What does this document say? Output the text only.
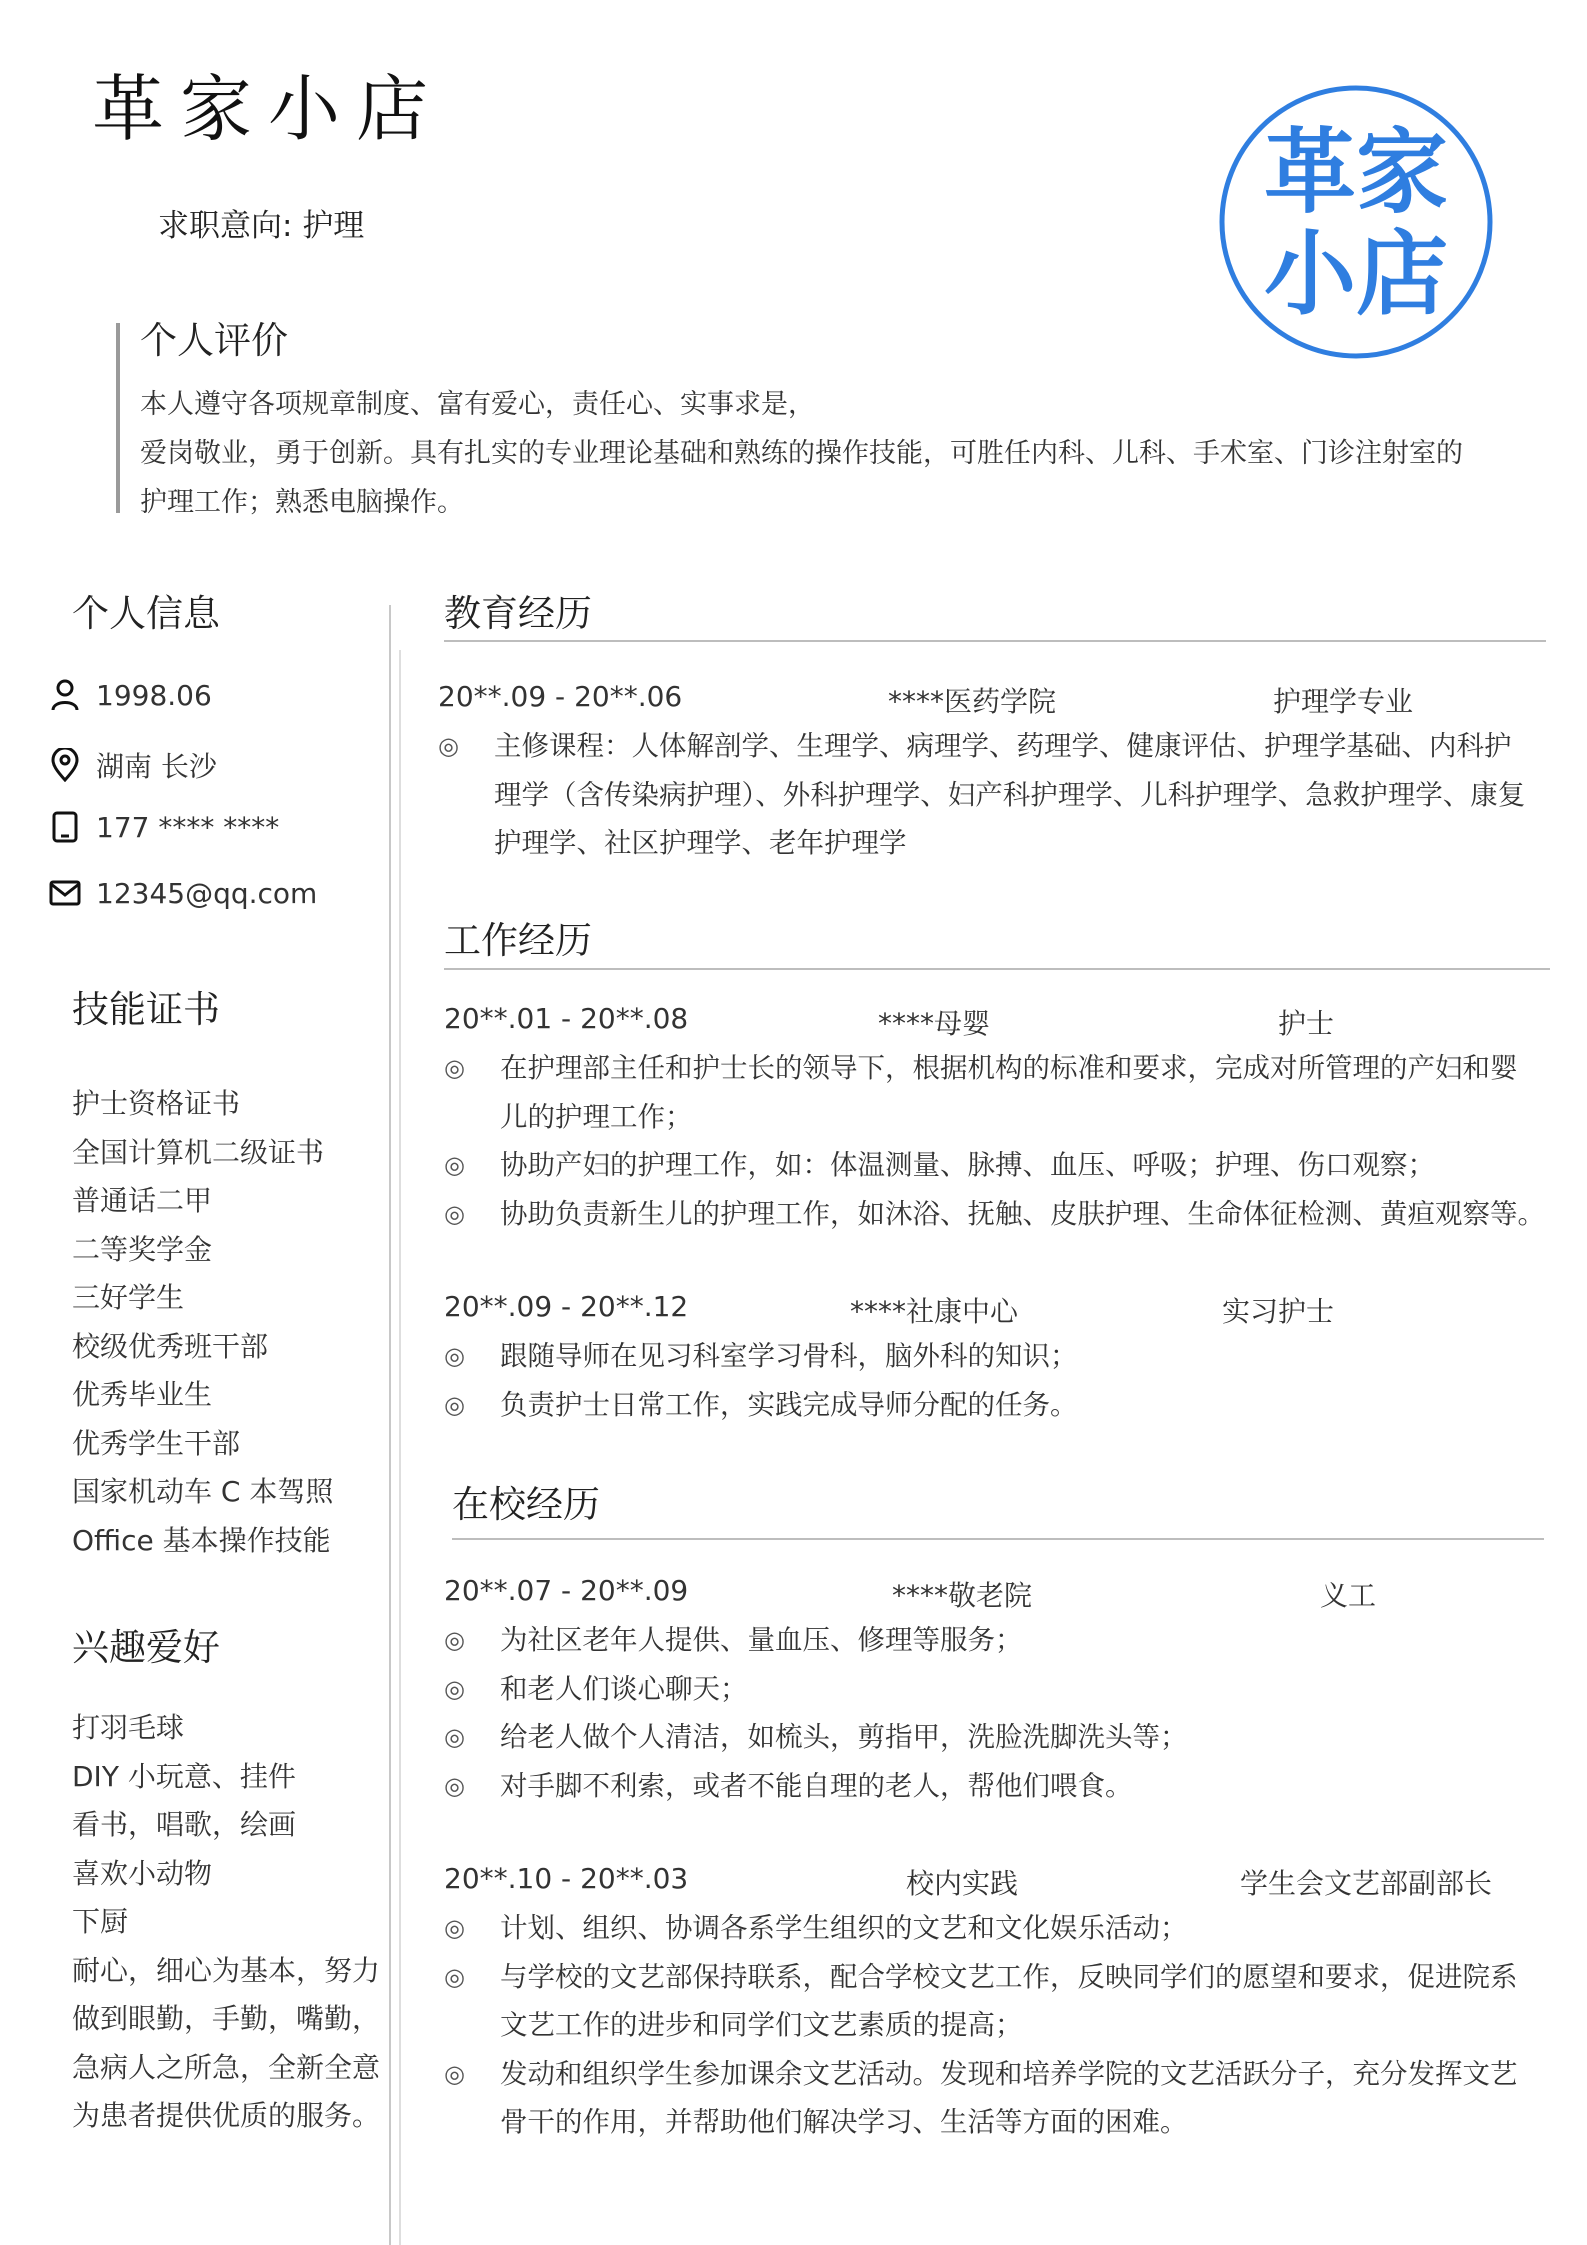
革家小店
求职意向: 护理	革家
小店
个人评价
本人遵守各项规章制度、富有爱心，责任心、实事求是，
爱岗敬业，勇于创新。具有扎实的专业理论基础和熟练的操作技能，可胜任内科、儿科、手术室、门诊注射室的
护理工作；熟悉电脑操作。
个人信息
1998.06
湖南 长沙
177 **** ****
12345@qq.com
技能证书
护士资格证书
全国计算机二级证书
普通话二甲
二等奖学金
三好学生
校级优秀班干部
优秀毕业生
优秀学生干部
国家机动车 C 本驾照
Office 基本操作技能
兴趣爱好
打羽毛球
DIY 小玩意、挂件
看书，唱歌，绘画
喜欢小动物
下厨
耐心，细心为基本，努力
做到眼勤，手勤，嘴勤，
急病人之所急，全新全意
为患者提供优质的服务。
教育经历
20**.09 - 20**.06	****医药学院	护理学专业
◎ 主修课程：人体解剖学、生理学、病理学、药理学、健康评估、护理学基础、内科护
理学（含传染病护理）、外科护理学、妇产科护理学、儿科护理学、急救护理学、康复
护理学、社区护理学、老年护理学
工作经历
20**.01 - 20**.08	****母婴	护士
◎ 在护理部主任和护士长的领导下，根据机构的标准和要求，完成对所管理的产妇和婴
儿的护理工作；
◎ 协助产妇的护理工作，如：体温测量、脉搏、血压、呼吸；护理、伤口观察；
◎ 协助负责新生儿的护理工作，如沐浴、抚触、皮肤护理、生命体征检测、黄疸观察等。
20**.09 - 20**.12	****社康中心	实习护士
◎ 跟随导师在见习科室学习骨科，脑外科的知识；
◎ 负责护士日常工作，实践完成导师分配的任务。
在校经历
20**.07 - 20**.09	****敬老院	义工
◎ 为社区老年人提供、量血压、修理等服务；
◎ 和老人们谈心聊天；
◎ 给老人做个人清洁，如梳头，剪指甲，洗脸洗脚洗头等；
◎ 对手脚不利索，或者不能自理的老人，帮他们喂食。
20**.10 - 20**.03	校内实践	学生会文艺部副部长
◎ 计划、组织、协调各系学生组织的文艺和文化娱乐活动；
◎ 与学校的文艺部保持联系，配合学校文艺工作，反映同学们的愿望和要求，促进院系
文艺工作的进步和同学们文艺素质的提高；
◎ 发动和组织学生参加课余文艺活动。发现和培养学院的文艺活跃分子，充分发挥文艺
骨干的作用，并帮助他们解决学习、生活等方面的困难。
